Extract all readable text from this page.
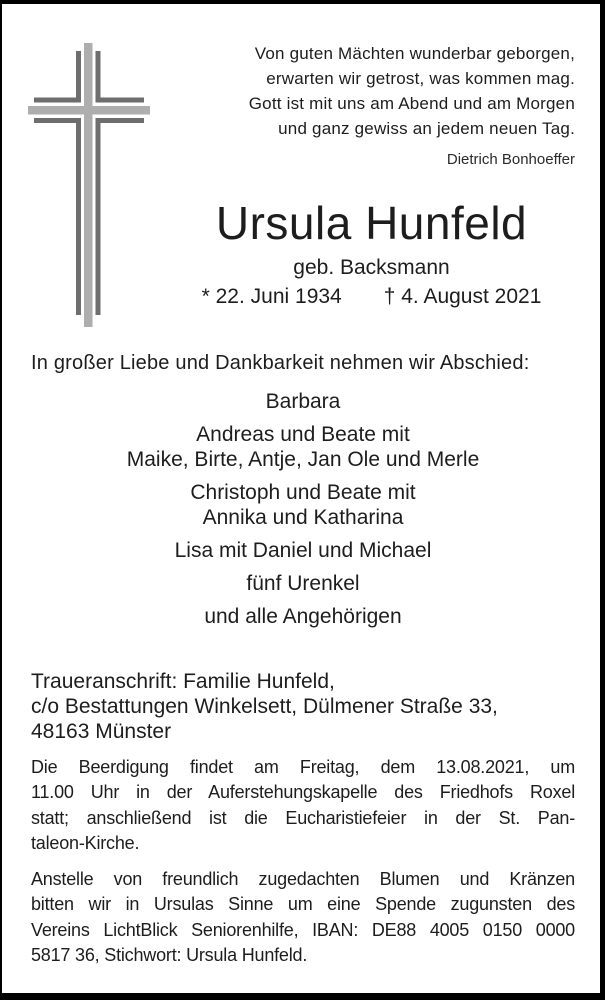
Von guten Mächten wunderbar geborgen,
erwarten wir getrost, was kommen mag.
Gott ist mit uns am Abend und am Morgen
und ganz gewiss an jedem neuen Tag.
Dietrich Bonhoeffer
Ursula Hunfeld
geb. Backsmann
* 22. Juni 1934 † 4. August 2021
In großer Liebe und Dankbarkeit nehmen wir Abschied:
Barbara
Andreas und Beate mit
Maike, Birte, Antje, Jan Ole und Merle
Christoph und Beate mit
Annika und Katharina
Lisa mit Daniel und Michael
fünf Urenkel
und alle Angehörigen
Traueranschrift: Familie Hunfeld,
c/o Bestattungen Winkelsett, Dülmener Straße 33,
48163 Münster
Die Beerdigung findet am Freitag, dem 13.08.2021, um
11.00 Uhr in der Auferstehungskapelle des Friedhofs Roxel
statt; anschließend ist die Eucharistiefeier in der St. Pan-
taleon-Kirche.
Anstelle von freundlich zugedachten Blumen und Kränzen
bitten wir in Ursulas Sinne um eine Spende zugunsten des
Vereins LichtBlick Seniorenhilfe, IBAN: DE88 4005 0150 0000
5817 36, Stichwort: Ursula Hunfeld.
